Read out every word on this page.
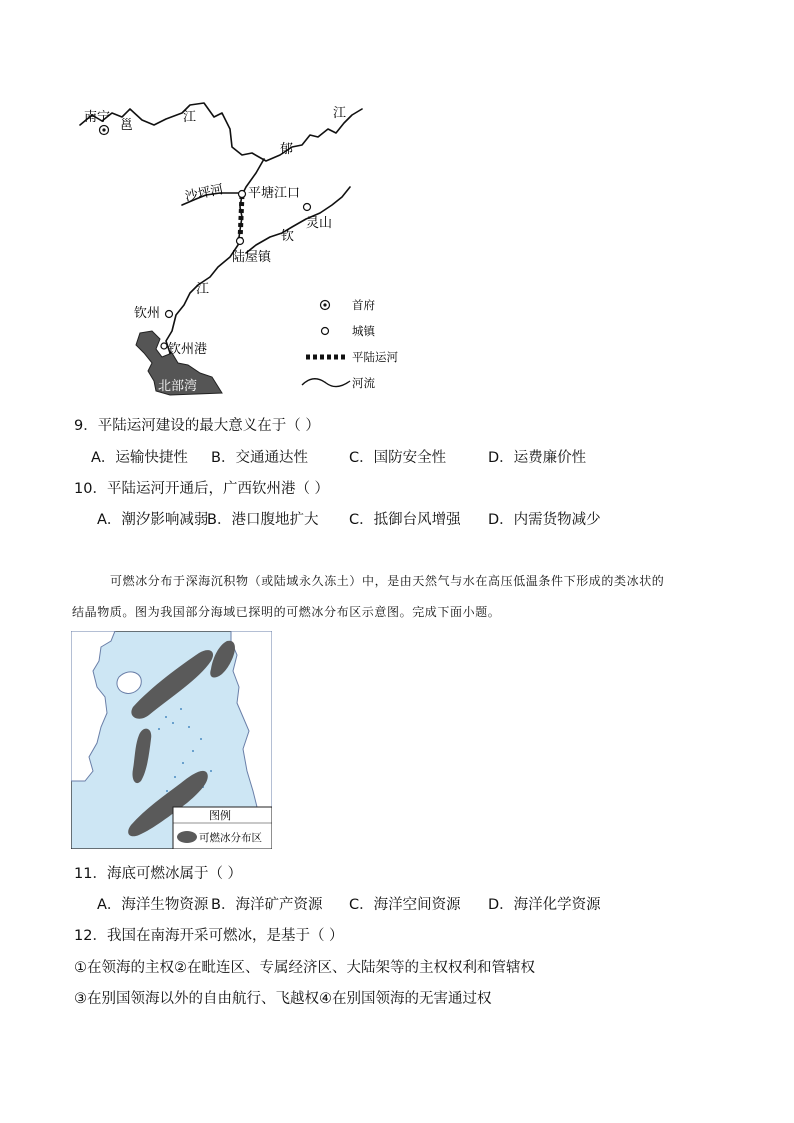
南宁
邕
江	江
郁
沙坪河 平塘江口
灵山
钦
陆屋镇
江
钦州
钦州港
北部湾
首府
城镇
平陆运河
河流
9．平陆运河建设的最大意义在于（ ）
A．运输快捷性 B．交通通达性	C．国防安全性	D．运费廉价性
10．平陆运河开通后，广西钦州港（ ）
A．潮汐影响减弱
B．港口腹地扩大 C．抵御台风增强 D．内需货物减少
可燃冰分布于深海沉积物（或陆域永久冻土）中，是由天然气与水在高压低温条件下形成的类冰状的
结晶物质。图为我国部分海域已探明的可燃冰分布区示意图。完成下面小题。
图例
可燃冰分布区
11．海底可燃冰属于（ ）
A．海洋生物资源 B．海洋矿产资源 C．海洋空间资源 D．海洋化学资源
12．我国在南海开采可燃冰，是基于（ ）
①在领海的主权②在毗连区、专属经济区、大陆架等的主权权利和管辖权
③在别国领海以外的自由航行、飞越权④在别国领海的无害通过权
